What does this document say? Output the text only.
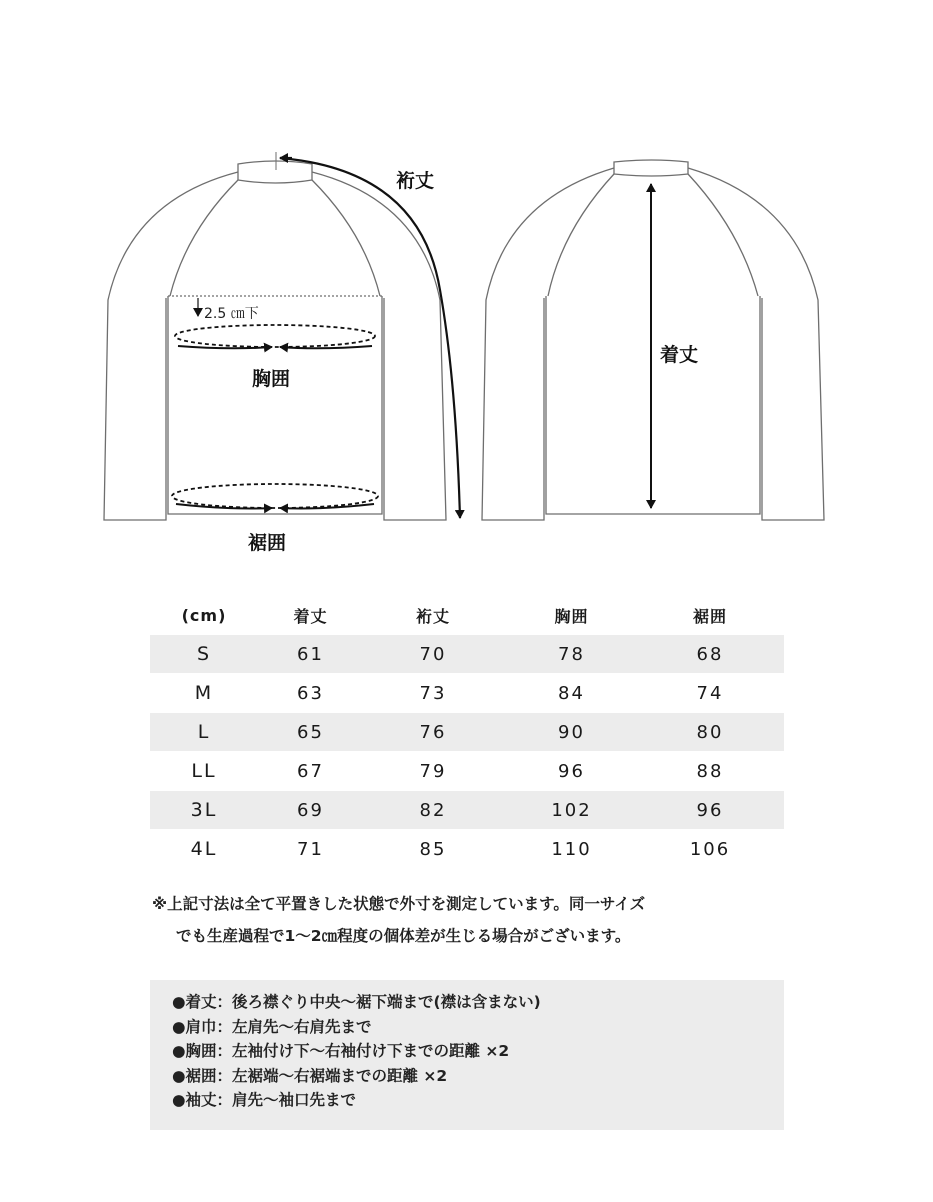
裄丈
着丈
胸囲
裾囲
2.5 ㎝下
(cm)	着丈	裄丈	胸囲	裾囲
S	61	70	78	68
M	63	73	84	74
L	65	76	90	80
LL	67	79	96	88
3L	69	82	102	96
4L	71	85	110	106
※上記寸法は全て平置きした状態で外寸を測定しています。同一サイズ
でも生産過程で1～2㎝程度の個体差が生じる場合がございます。
●着丈：後ろ襟ぐり中央～裾下端まで(襟は含まない)
●肩巾：左肩先～右肩先まで
●胸囲：左袖付け下～右袖付け下までの距離 ×2
●裾囲：左裾端～右裾端までの距離 ×2
●袖丈：肩先～袖口先まで
